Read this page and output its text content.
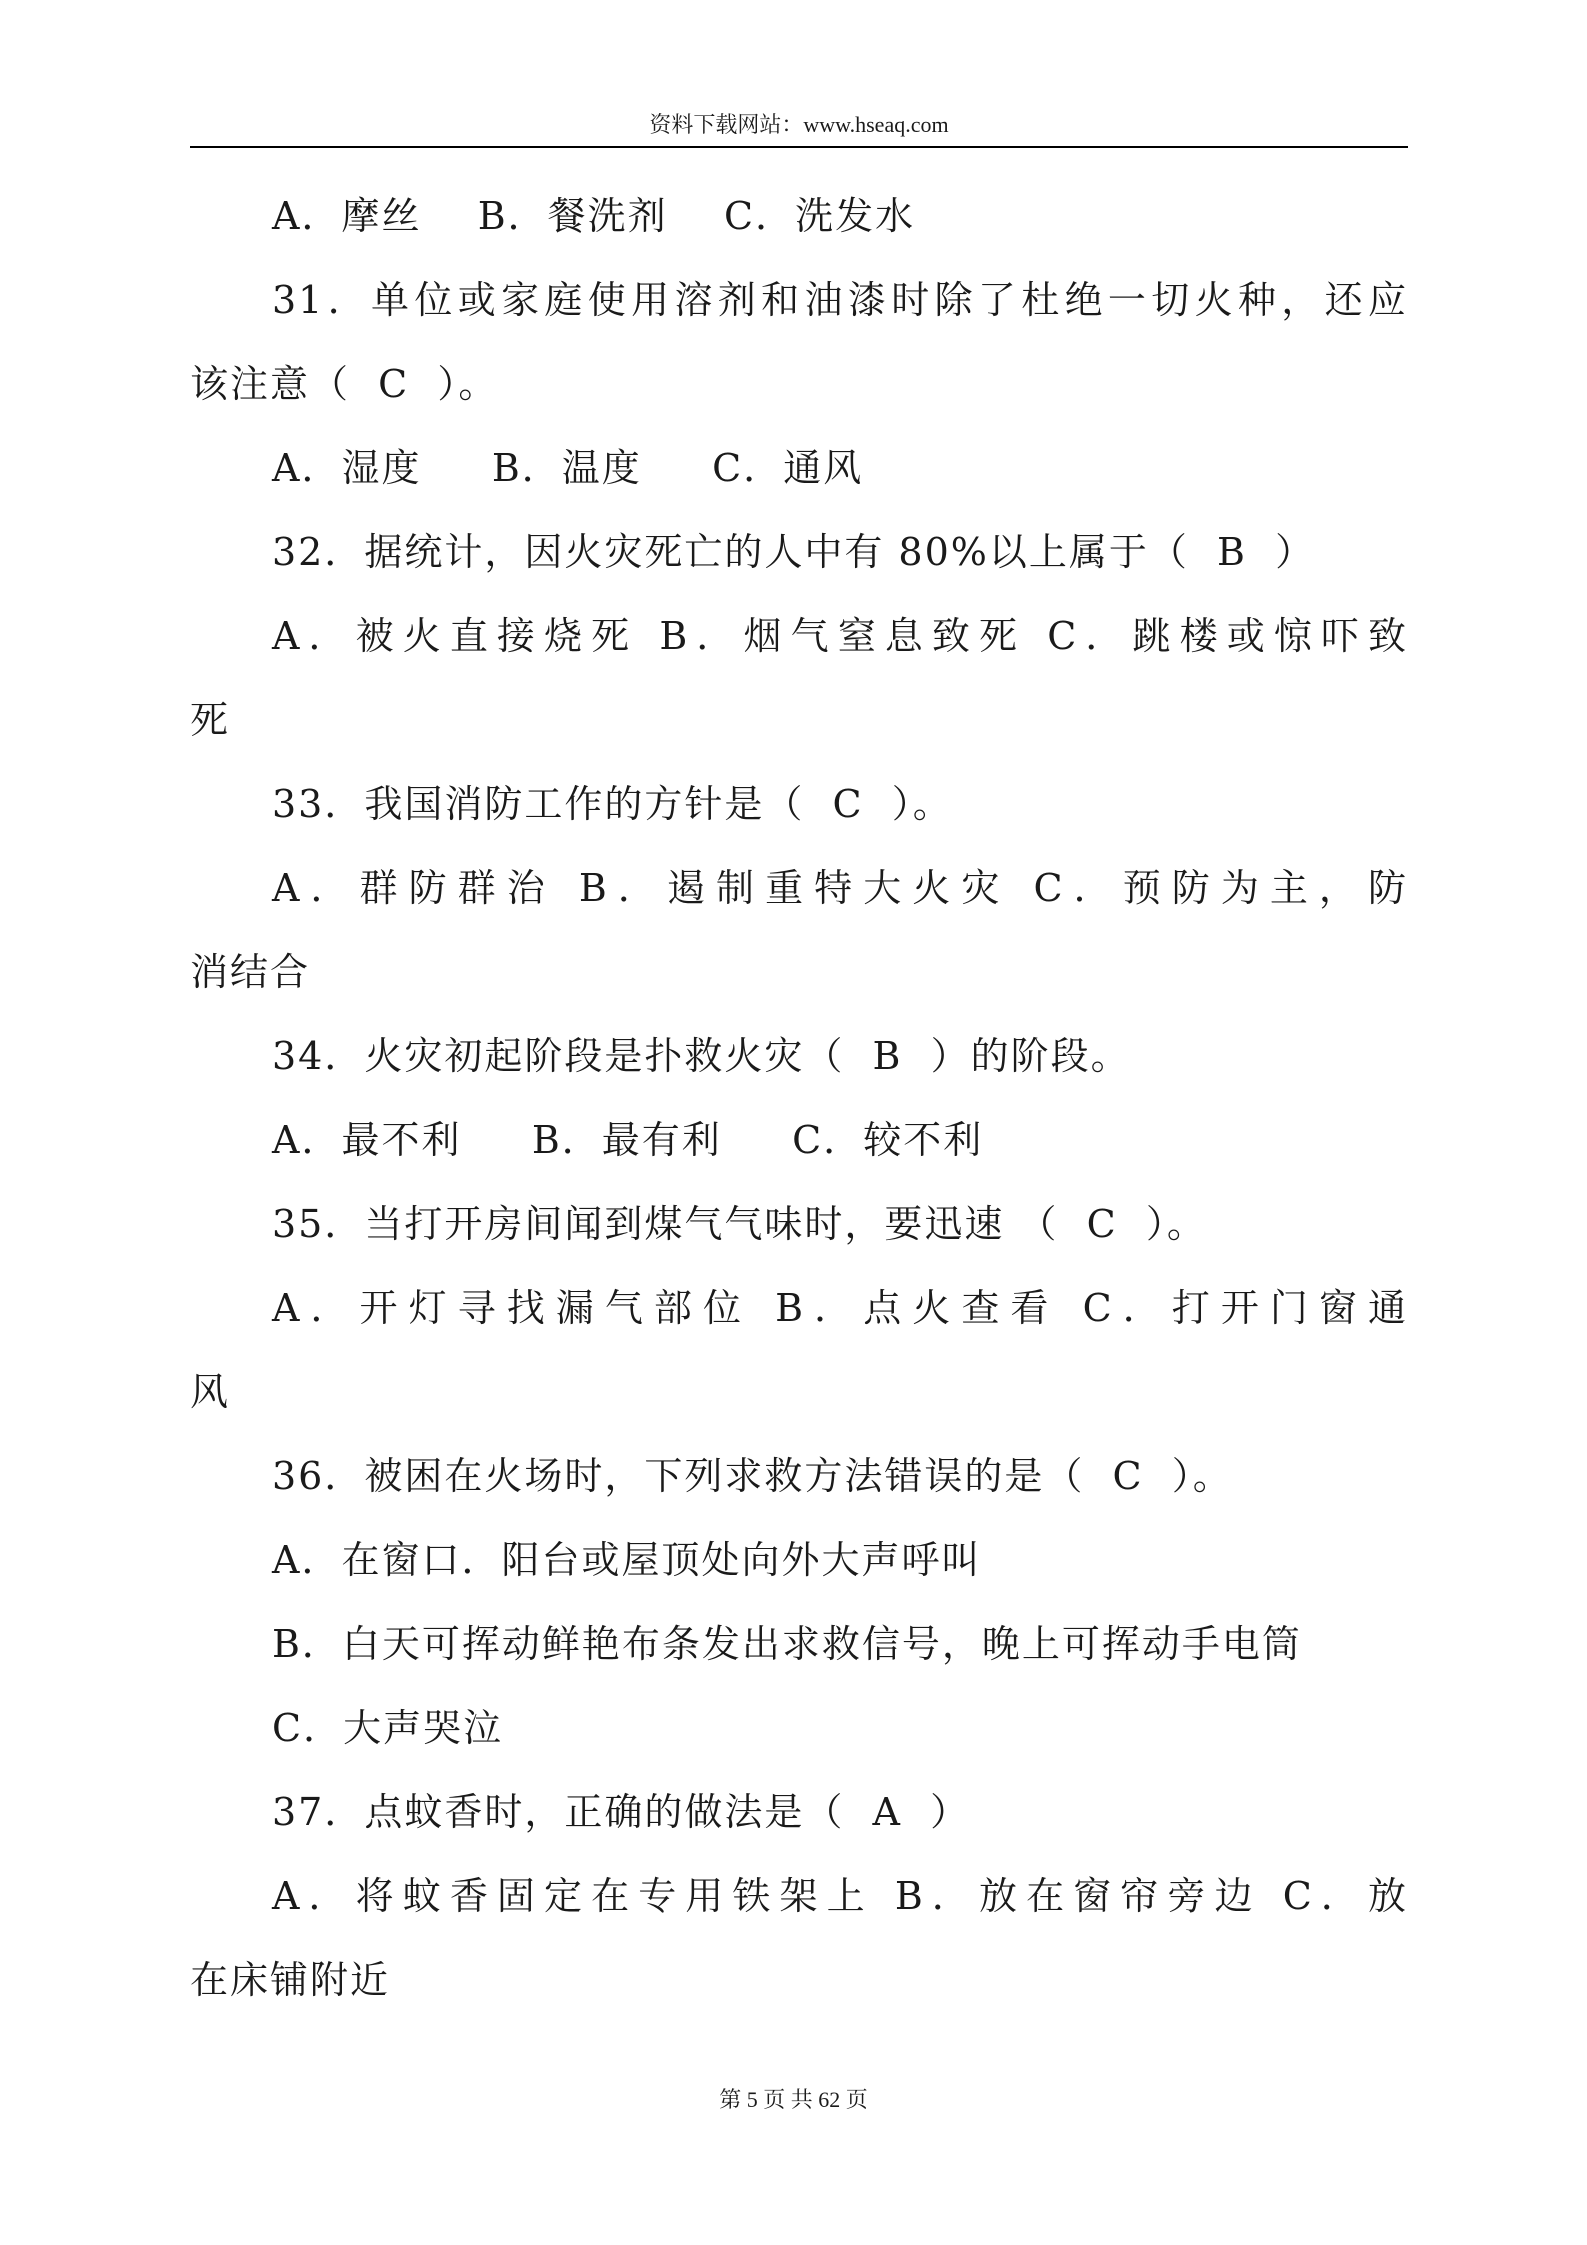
资料下载网站：www.hseaq.com
A．摩丝    B．餐洗剂    C．洗发水
31．单位或家庭使用溶剂和油漆时除了杜绝一切火种，还应
该注意（  C  ）。
A．湿度     B．温度     C．通风
32．据统计，因火灾死亡的人中有 80%以上属于（  B  ）
A．被火直接烧死 B．烟气窒息致死 C．跳楼或惊吓致
死
33．我国消防工作的方针是（  C  ）。
A．群防群治 B．遏制重特大火灾 C．预防为主，防
消结合
34．火灾初起阶段是扑救火灾（  B  ）的阶段。
A．最不利     B．最有利     C．较不利
35．当打开房间闻到煤气气味时，要迅速 （  C  ）。
A．开灯寻找漏气部位 B．点火查看 C．打开门窗通
风
36．被困在火场时，下列求救方法错误的是（  C  ）。
A．在窗口．阳台或屋顶处向外大声呼叫
B．白天可挥动鲜艳布条发出求救信号，晚上可挥动手电筒
C．大声哭泣
37．点蚊香时，正确的做法是（  A  ）
A．将蚊香固定在专用铁架上 B．放在窗帘旁边 C．放
在床铺附近
第 5 页 共 62 页
